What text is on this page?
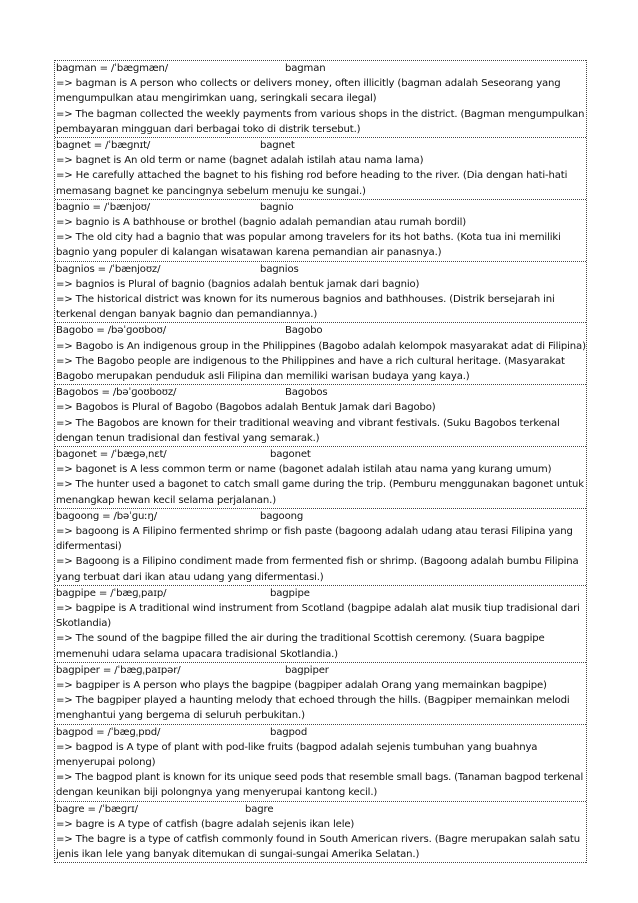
bagman = /ˈbæɡmæn/	bagman
=> bagman is A person who collects or delivers money, often illicitly (bagman adalah Seseorang yang
mengumpulkan atau mengirimkan uang, seringkali secara ilegal)
=> The bagman collected the weekly payments from various shops in the district. (Bagman mengumpulkan
pembayaran mingguan dari berbagai toko di distrik tersebut.)
bagnet = /ˈbæɡnɪt/	bagnet
=> bagnet is An old term or name (bagnet adalah istilah atau nama lama)
=> He carefully attached the bagnet to his fishing rod before heading to the river. (Dia dengan hati-hati
memasang bagnet ke pancingnya sebelum menuju ke sungai.)
bagnio = /ˈbænjoʊ/	bagnio
=> bagnio is A bathhouse or brothel (bagnio adalah pemandian atau rumah bordil)
=> The old city had a bagnio that was popular among travelers for its hot baths. (Kota tua ini memiliki
bagnio yang populer di kalangan wisatawan karena pemandian air panasnya.)
bagnios = /ˈbænjoʊz/	bagnios
=> bagnios is Plural of bagnio (bagnios adalah bentuk jamak dari bagnio)
=> The historical district was known for its numerous bagnios and bathhouses. (Distrik bersejarah ini
terkenal dengan banyak bagnio dan pemandiannya.)
Bagobo = /bəˈɡoʊboʊ/	Bagobo
=> Bagobo is An indigenous group in the Philippines (Bagobo adalah kelompok masyarakat adat di Filipina)
=> The Bagobo people are indigenous to the Philippines and have a rich cultural heritage. (Masyarakat
Bagobo merupakan penduduk asli Filipina dan memiliki warisan budaya yang kaya.)
Bagobos = /bəˈɡoʊboʊz/	Bagobos
=> Bagobos is Plural of Bagobo (Bagobos adalah Bentuk Jamak dari Bagobo)
=> The Bagobos are known for their traditional weaving and vibrant festivals. (Suku Bagobos terkenal
dengan tenun tradisional dan festival yang semarak.)
bagonet = /ˈbæɡəˌnɛt/	bagonet
=> bagonet is A less common term or name (bagonet adalah istilah atau nama yang kurang umum)
=> The hunter used a bagonet to catch small game during the trip. (Pemburu menggunakan bagonet untuk
menangkap hewan kecil selama perjalanan.)
bagoong = /bəˈɡuːŋ/	bagoong
=> bagoong is A Filipino fermented shrimp or fish paste (bagoong adalah udang atau terasi Filipina yang
difermentasi)
=> Bagoong is a Filipino condiment made from fermented fish or shrimp. (Bagoong adalah bumbu Filipina
yang terbuat dari ikan atau udang yang difermentasi.)
bagpipe = /ˈbæɡˌpaɪp/	bagpipe
=> bagpipe is A traditional wind instrument from Scotland (bagpipe adalah alat musik tiup tradisional dari
Skotlandia)
=> The sound of the bagpipe filled the air during the traditional Scottish ceremony. (Suara bagpipe
memenuhi udara selama upacara tradisional Skotlandia.)
bagpiper = /ˈbæɡˌpaɪpər/	bagpiper
=> bagpiper is A person who plays the bagpipe (bagpiper adalah Orang yang memainkan bagpipe)
=> The bagpiper played a haunting melody that echoed through the hills. (Bagpiper memainkan melodi
menghantui yang bergema di seluruh perbukitan.)
bagpod = /ˈbæɡˌpɒd/	bagpod
=> bagpod is A type of plant with pod-like fruits (bagpod adalah sejenis tumbuhan yang buahnya
menyerupai polong)
=> The bagpod plant is known for its unique seed pods that resemble small bags. (Tanaman bagpod terkenal
dengan keunikan biji polongnya yang menyerupai kantong kecil.)
bagre = /ˈbæɡrɪ/	bagre
=> bagre is A type of catfish (bagre adalah sejenis ikan lele)
=> The bagre is a type of catfish commonly found in South American rivers. (Bagre merupakan salah satu
jenis ikan lele yang banyak ditemukan di sungai-sungai Amerika Selatan.)
